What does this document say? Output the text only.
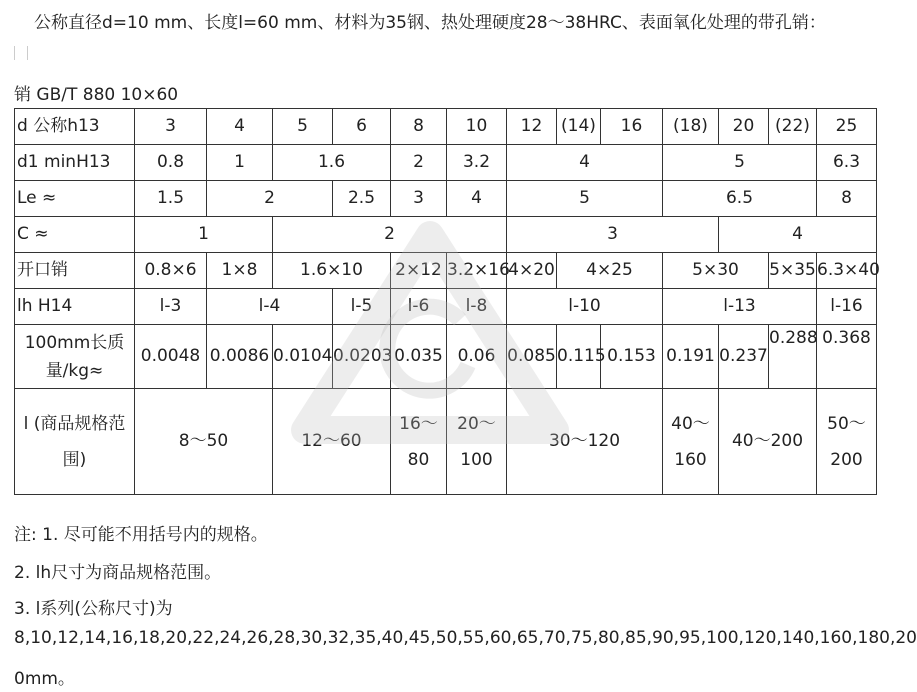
公称直径d=10 mm、长度l=60 mm、材料为35钢、热处理硬度28～38HRC、表面氧化处理的带孔销：
销 GB/T 880 10×60
d 公称h13	3	4	5	6	8	10	12	(14)	16	(18)	20	(22)	25
d1 minH13	0.8	1	1.6		2	3.2	4			5			6.3
Le ≈	1.5	2		2.5	3	4	5			6.5			8
C ≈	1		2				3				4		
开口销	0.8×6	1×8	1.6×10		2×12	3.2×16	4×20	4×25		5×30		5×35	6.3×40
lh H14	l-3	l-4		l-5	l-6	l-8	l-10			l-13			l-16
100mm长质量/kg≈	0.0048	0.0086	0.0104	0.0203	0.035	0.06	0.085	0.115	0.153	0.191	0.237	0.288	0.368
l (商品规格范围)	8～50		12～60		16～80	20～100	30～120			40～160	40～200		50～200
注: 1. 尽可能不用括号内的规格。
2. lh尺寸为商品规格范围。
3. l系列(公称尺寸)为
8,10,12,14,16,18,20,22,24,26,28,30,32,35,40,45,50,55,60,65,70,75,80,85,90,95,100,120,140,160,180,20
0mm。
